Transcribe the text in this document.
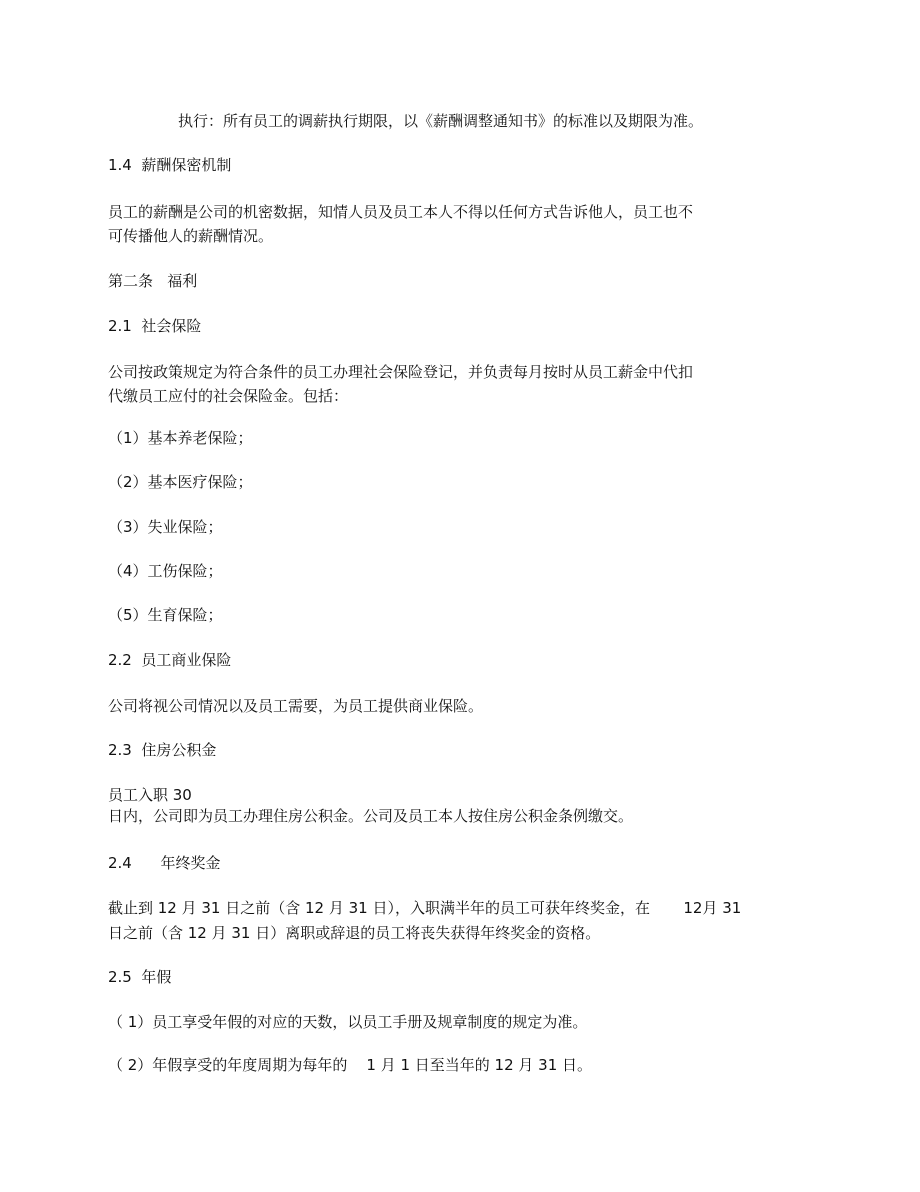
执行：所有员工的调薪执行期限，以《薪酬调整通知书》的标准以及期限为准。
1.4  薪酬保密机制
员工的薪酬是公司的机密数据，知情人员及员工本人不得以任何方式告诉他人，员工也不
可传播他人的薪酬情况。
第二条   福利
2.1  社会保险
公司按政策规定为符合条件的员工办理社会保险登记，并负责每月按时从员工薪金中代扣
代缴员工应付的社会保险金。包括：
（1）基本养老保险；
（2）基本医疗保险；
（3）失业保险；
（4）工伤保险；
（5）生育保险；
2.2  员工商业保险
公司将视公司情况以及员工需要，为员工提供商业保险。
2.3  住房公积金
员工入职 30
日内，公司即为员工办理住房公积金。公司及员工本人按住房公积金条例缴交。
2.4      年终奖金
截止到 12 月 31 日之前（含 12 月 31 日），入职满半年的员工可获年终奖金，在       12月 31
日之前（含 12 月 31 日）离职或辞退的员工将丧失获得年终奖金的资格。
2.5  年假
（ 1）员工享受年假的对应的天数，以员工手册及规章制度的规定为准。
（ 2）年假享受的年度周期为每年的    1 月 1 日至当年的 12 月 31 日。
